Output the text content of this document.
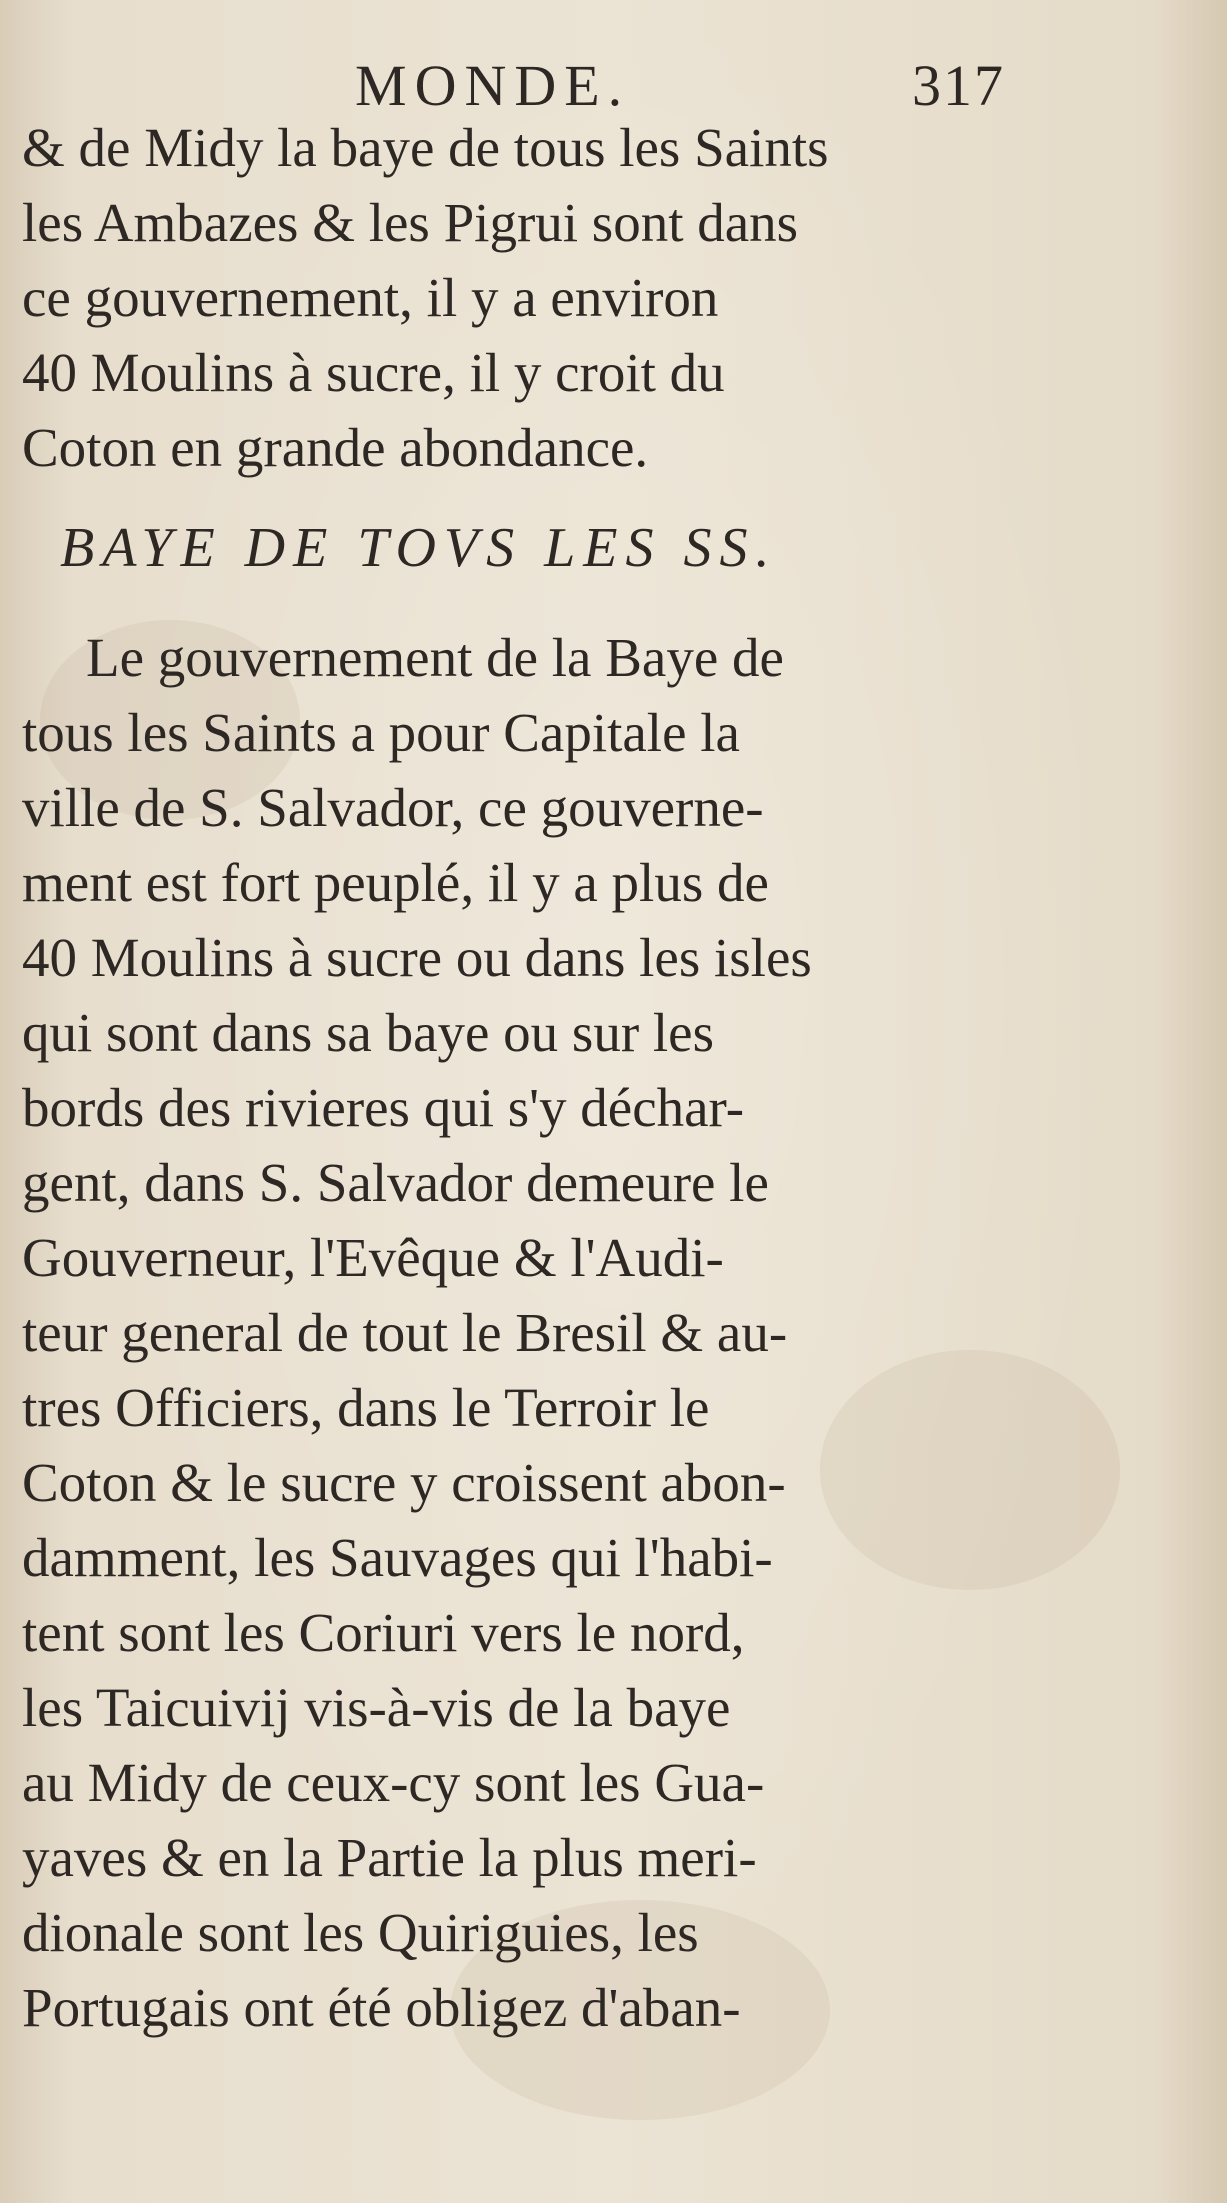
MONDE.	317
& de Midy la baye de tous les Saints
les Ambazes & les Pigrui sont dans
ce gouvernement, il y a environ
40 Moulins à sucre, il y croit du
Coton en grande abondance.
BAYE DE TOVS LES SS.
Le gouvernement de la Baye de
tous les Saints a pour Capitale la
ville de S. Salvador, ce gouverne-
ment est fort peuplé, il y a plus de
40 Moulins à sucre ou dans les isles
qui sont dans sa baye ou sur les
bords des rivieres qui s'y déchar-
gent, dans S. Salvador demeure le
Gouverneur, l'Evêque & l'Audi-
teur general de tout le Bresil & au-
tres Officiers, dans le Terroir le
Coton & le sucre y croissent abon-
damment, les Sauvages qui l'habi-
tent sont les Coriuri vers le nord,
les Taicuivij vis-à-vis de la baye
au Midy de ceux-cy sont les Gua-
yaves & en la Partie la plus meri-
dionale sont les Quiriguies, les
Portugais ont été obligez d'aban-
